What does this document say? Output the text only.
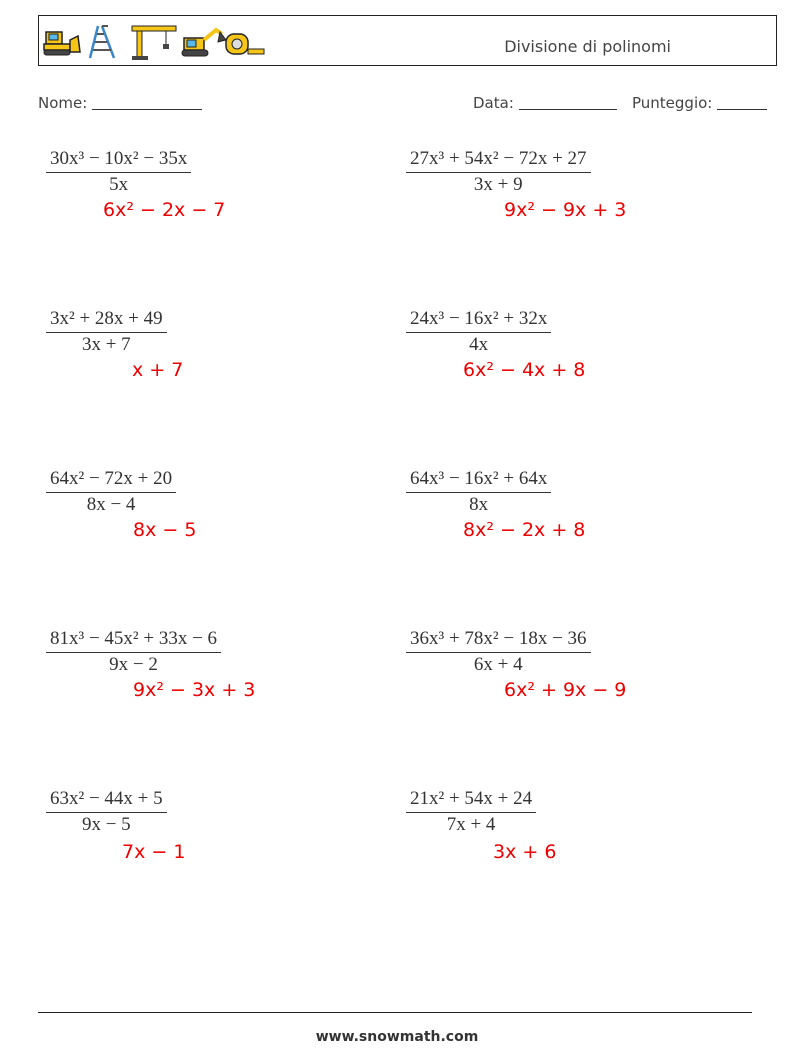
Divisione di polinomi
Nome:	Data:	Punteggio:
$\frac{\text{30x³ − 10x² − 35x}}{5x}$
6x² − 2x − 7
$\frac{\text{27x³ + 54x² − 72x + 27}}{3x + 9}$
9x² − 9x + 3
$\frac{\text{3x² + 28x + 49}}{3x + 7}$
x + 7
$\frac{\text{24x³ − 16x² + 32x}}{4x}$
6x² − 4x + 8
$\frac{\text{64x² − 72x + 20}}{8x - 4}$
8x − 5
$\frac{\text{64x³ − 16x² + 64x}}{8x}$
8x² − 2x + 8
$\frac{\text{81x³ − 45x² + 33x − 6}}{9x - 2}$
9x² − 3x + 3
$\frac{\text{36x³ + 78x² − 18x − 36}}{6x + 4}$
6x² + 9x − 9
$\frac{\text{63x² − 44x + 5}}{9x - 5}$
7x − 1
$\frac{\text{21x² + 54x + 24}}{7x + 4}$
3x + 6
www.snowmath.com
